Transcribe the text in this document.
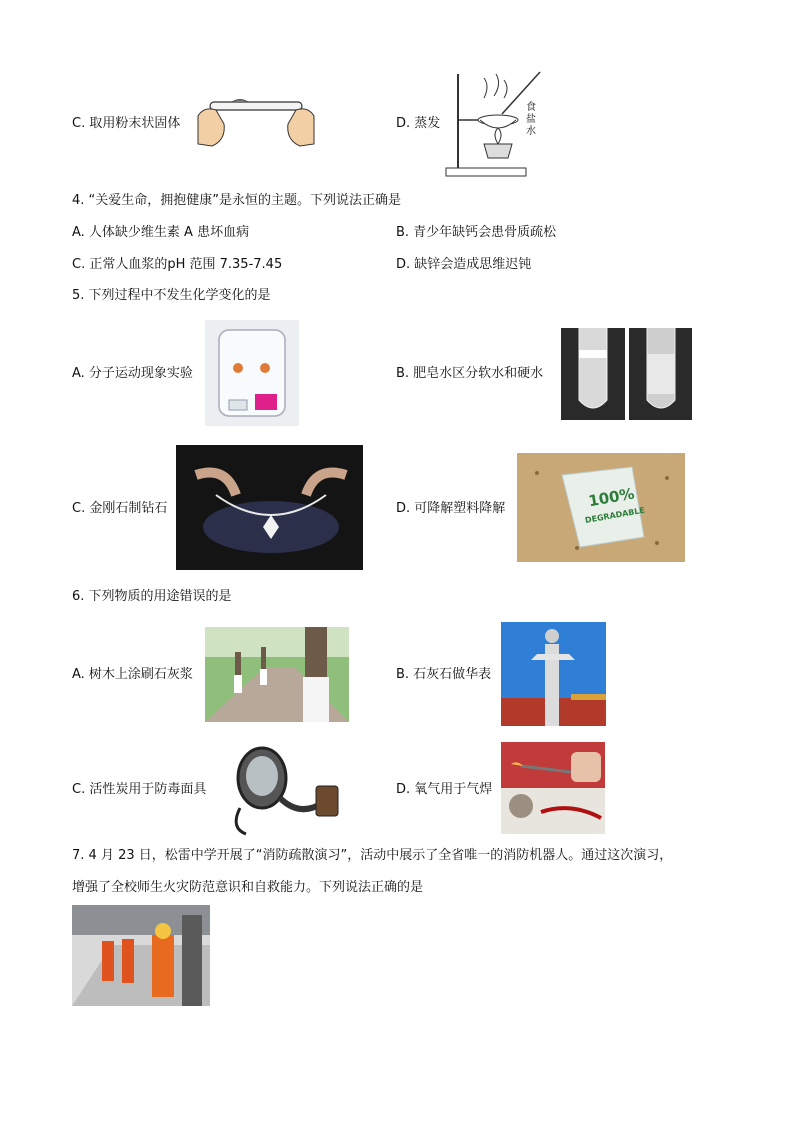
C. 取用粉末状固体	D. 蒸发
食
盐
水
4. “关爱生命，拥抱健康”是永恒的主题。下列说法正确是
A. 人体缺少维生素 A 患坏血病	B. 青少年缺钙会患骨质疏松
C. 正常人血浆的pH 范围 7.35-7.45	D. 缺锌会造成思维迟钝
5. 下列过程中不发生化学变化的是
A. 分子运动现象实验	B. 肥皂水区分软水和硬水
C. 金刚石制钻石	D. 可降解塑料降解	100%
DEGRADABLE
6. 下列物质的用途错误的是
A. 树木上涂刷石灰浆	B. 石灰石做华表
C. 活性炭用于防毒面具	D. 氧气用于气焊
7. 4 月 23 日，松雷中学开展了“消防疏散演习”，活动中展示了全省唯一的消防机器人。通过这次演习，
增强了全校师生火灾防范意识和自救能力。下列说法正确的是
